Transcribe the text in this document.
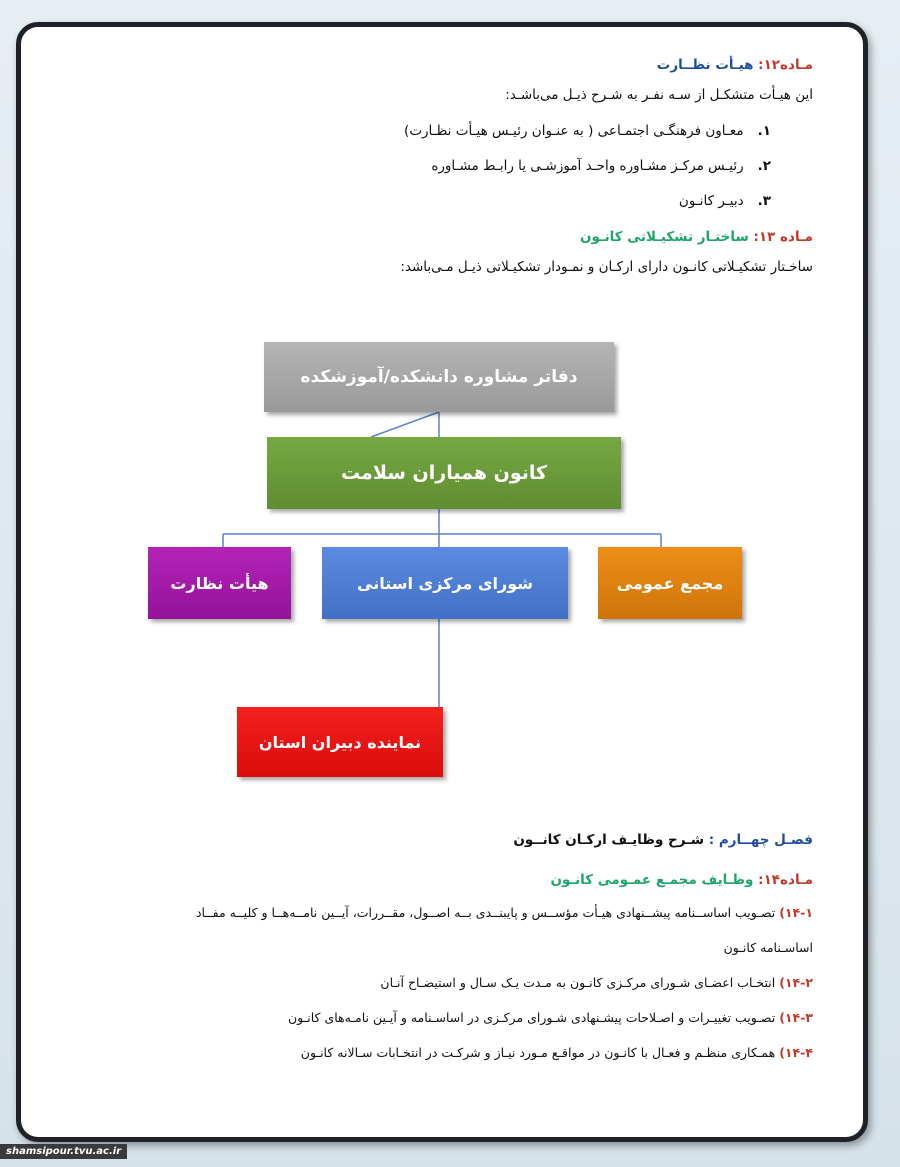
مـاده۱۲: هیـأت نظــارت
این هیـأت متشکـل از سـه نفـر به شـرح ذیـل می‌باشـد:
۱.معـاون فرهنگـی اجتمـاعی ( به عنـوان رئیـس هیـأت نظـارت)
۲.رئیـس مرکـز مشـاوره واحـد آموزشـی یا رابـط مشـاوره
۳.دبیـر کانـون
مـاده ۱۳: ساختـار تشکیـلاتی کانـون
ساخـتار تشکیـلاتی کانـون دارای ارکـان و نمـودار تشکیـلاتی ذیـل مـی‌باشد:
دفاتر مشاوره دانشکده/آموزشکده
کانون همیاران سلامت
هیأت نظارت	شورای مرکزی استانی	مجمع عمومی
نماینده دبیران استان
فصـل چهــارم : شـرح وظایـف ارکـان کانــون
مـاده۱۴: وظـایف مجمـع عمـومی کانـون
۱۴-۱) تصـویب اساســنامه پیشــنهادی هیـأت مؤســس و پایبنــدی بــه اصــول، مقــررات، آیــین نامــه‌هــا و کلیــه مفــاد
اساسـنامه کانـون
۱۴-۲) انتخـاب اعضـای شـورای مرکـزی کانـون به مـدت یـک سـال و استیضـاح آنـان
۱۴-۳) تصـویب تغییـرات و اصـلاحات پیشـنهادی شـورای مرکـزی در اساسـنامه و آیـین نامـه‌های کانـون
۱۴-۴) همـکاری منظـم و فعـال با کانـون در مواقـع مـورد نیـاز و شرکـت در انتخـابات سـالانه کانـون
shamsipour.tvu.ac.ir
